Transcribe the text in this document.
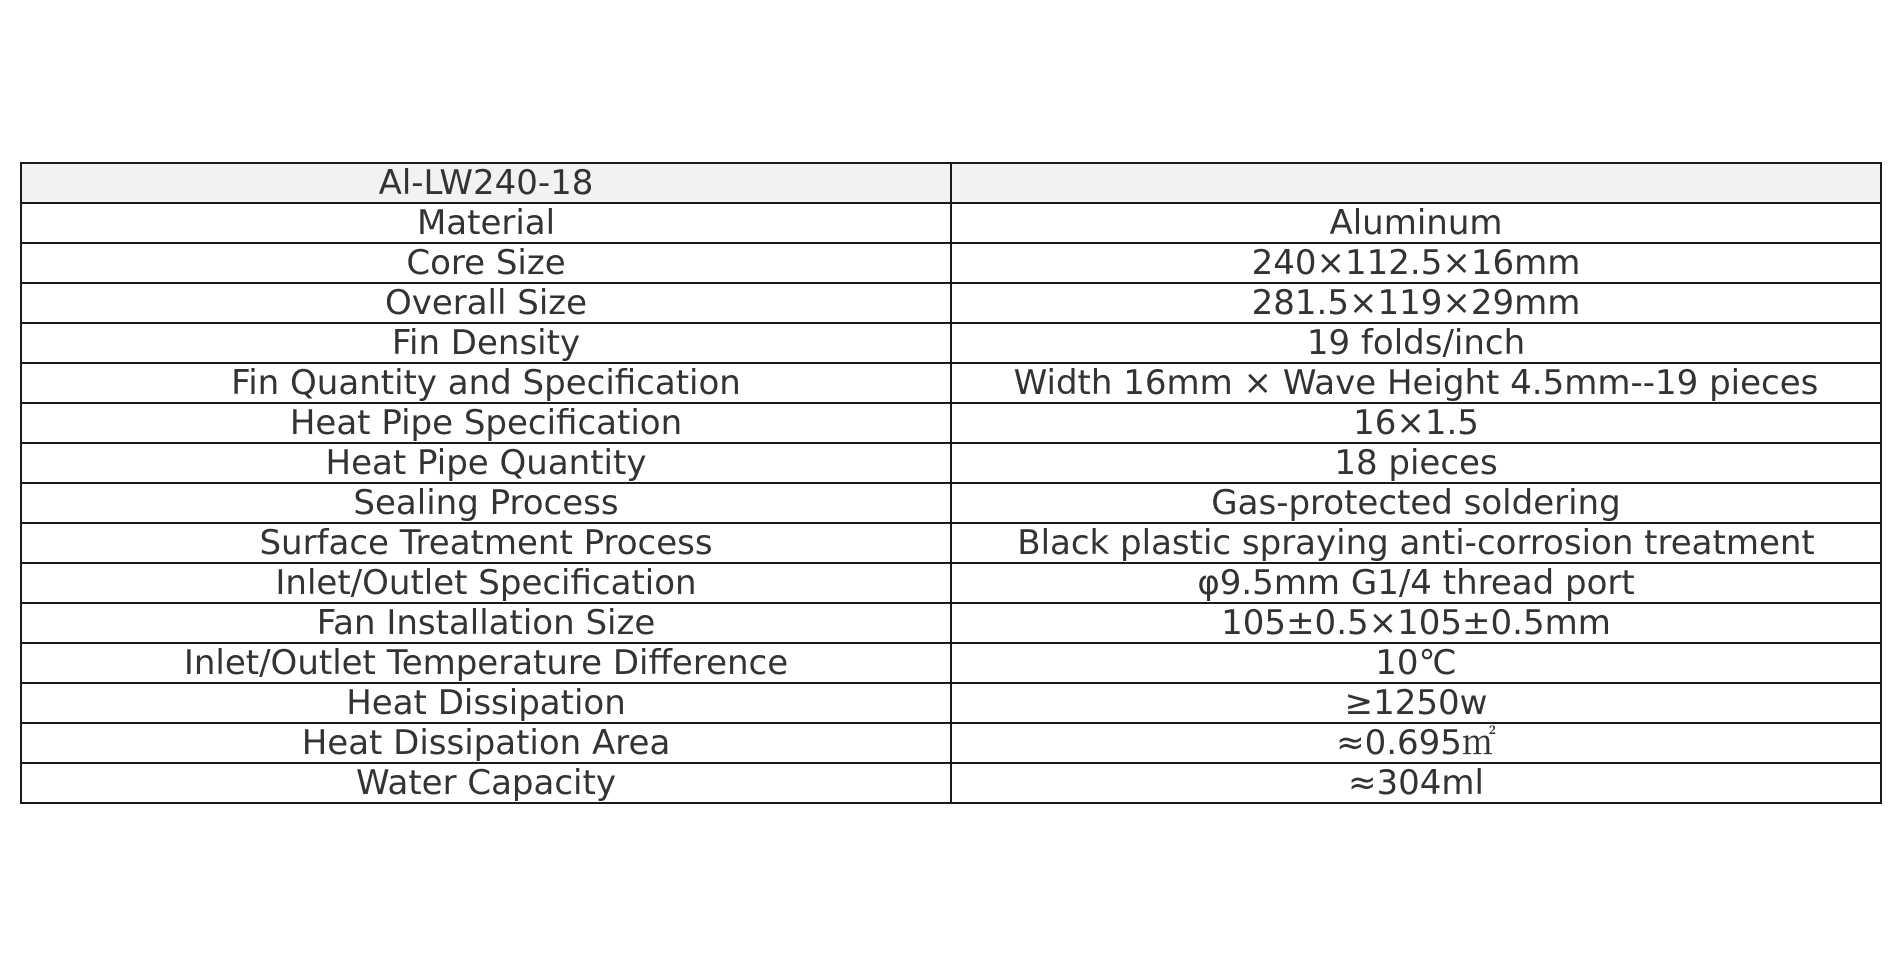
Al-LW240-18	
Material	Aluminum
Core Size	240×112.5×16mm
Overall Size	281.5×119×29mm
Fin Density	19 folds/inch
Fin Quantity and Specification	Width 16mm × Wave Height 4.5mm--19 pieces
Heat Pipe Specification	16×1.5
Heat Pipe Quantity	18 pieces
Sealing Process	Gas-protected soldering
Surface Treatment Process	Black plastic spraying anti-corrosion treatment
Inlet/Outlet Specification	φ9.5mm G1/4 thread port
Fan Installation Size	105±0.5×105±0.5mm
Inlet/Outlet Temperature Difference	10℃
Heat Dissipation	≥1250w
Heat Dissipation Area	≈0.695㎡
Water Capacity	≈304ml
